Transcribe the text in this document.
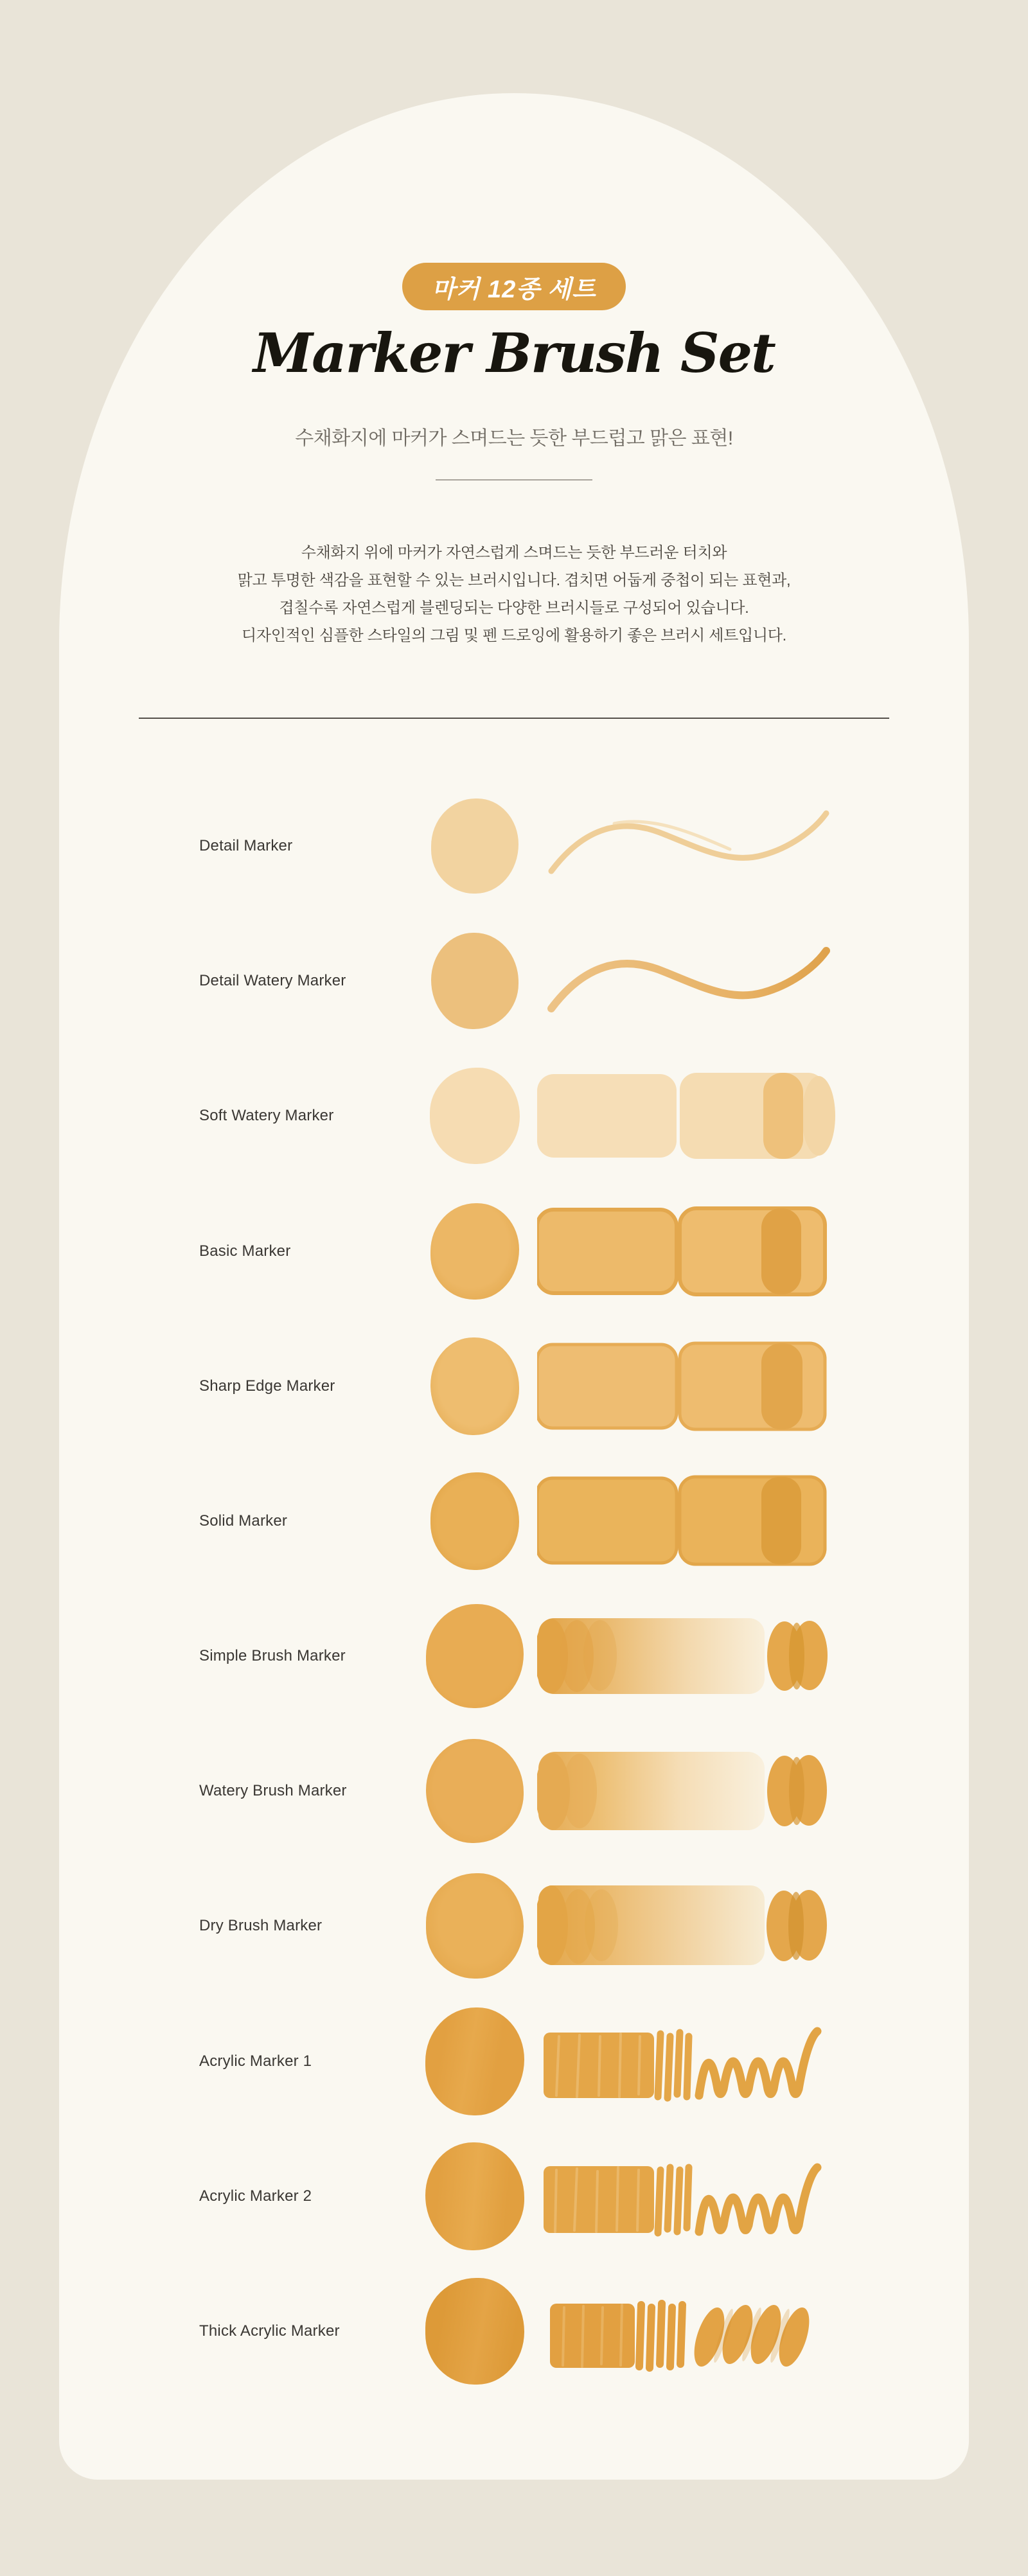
마커 12종 세트
Marker Brush Set
수채화지에 마커가 스며드는 듯한 부드럽고 맑은 표현!
수채화지 위에 마커가 자연스럽게 스며드는 듯한 부드러운 터치와
맑고 투명한 색감을 표현할 수 있는 브러시입니다. 겹치면 어둡게 중첩이 되는 표현과,
겹칠수록 자연스럽게 블렌딩되는 다양한 브러시들로 구성되어 있습니다.
디자인적인 심플한 스타일의 그림 및 펜 드로잉에 활용하기 좋은 브러시 세트입니다.
Detail Marker
Detail Watery Marker
Soft Watery Marker
Basic Marker
Sharp Edge Marker
Solid Marker
Simple Brush Marker
Watery Brush Marker
Dry Brush Marker
Acrylic Marker 1
Acrylic Marker 2
Thick Acrylic Marker
